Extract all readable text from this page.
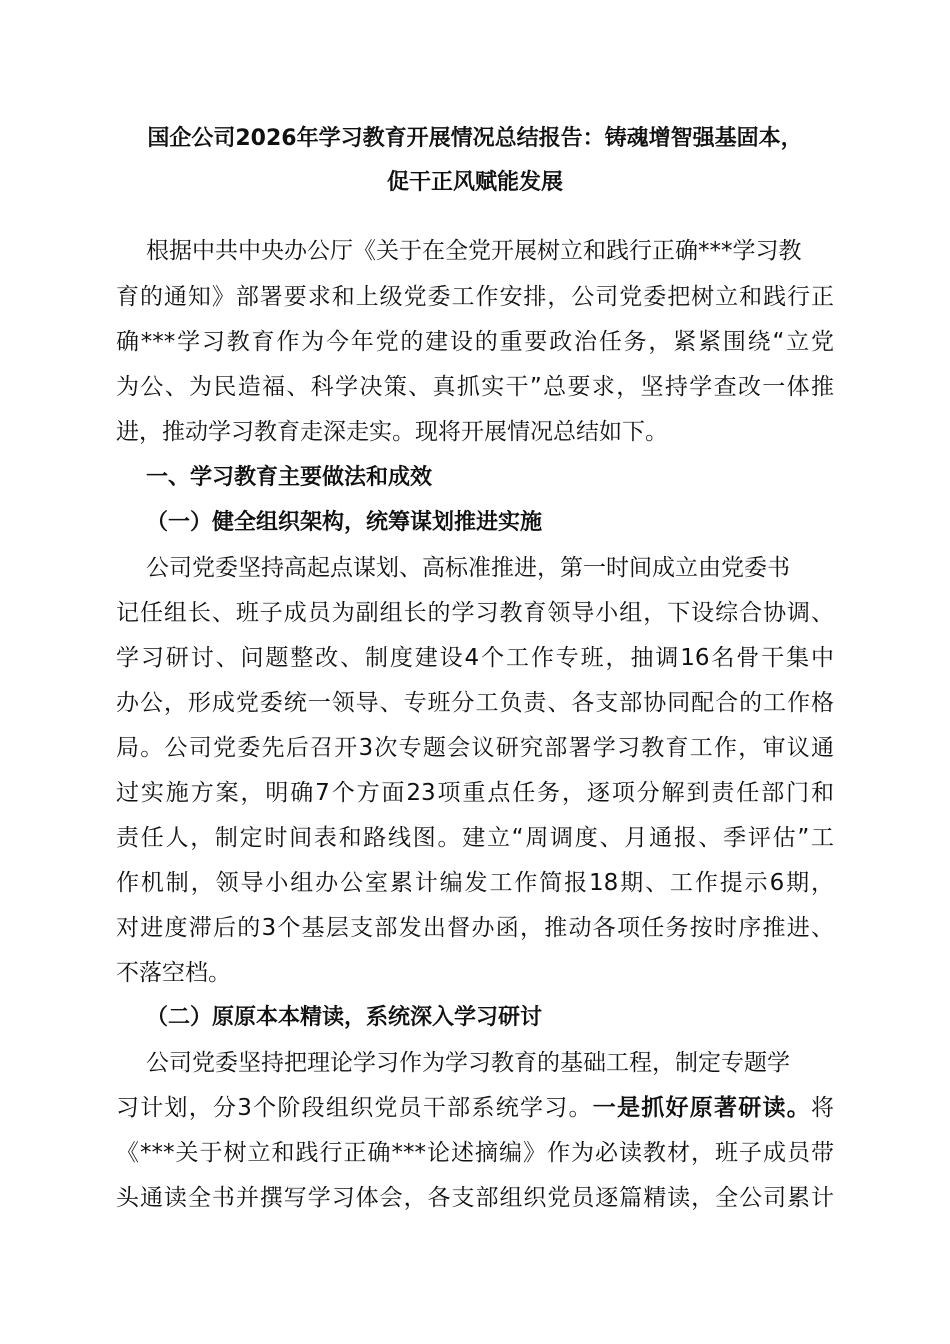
国企公司2026年学习教育开展情况总结报告：铸魂增智强基固本，
促干正风赋能发展
根据中共中央办公厅《关于在全党开展树立和践行正确***学习教
育的通知》部署要求和上级党委工作安排，公司党委把树立和践行正
确***学习教育作为今年党的建设的重要政治任务，紧紧围绕“立党
为公、为民造福、科学决策、真抓实干”总要求，坚持学查改一体推
进，推动学习教育走深走实。现将开展情况总结如下。
一、学习教育主要做法和成效
（一）健全组织架构，统筹谋划推进实施
公司党委坚持高起点谋划、高标准推进，第一时间成立由党委书
记任组长、班子成员为副组长的学习教育领导小组，下设综合协调、
学习研讨、问题整改、制度建设4个工作专班，抽调16名骨干集中
办公，形成党委统一领导、专班分工负责、各支部协同配合的工作格
局。公司党委先后召开3次专题会议研究部署学习教育工作，审议通
过实施方案，明确7个方面23项重点任务，逐项分解到责任部门和
责任人，制定时间表和路线图。建立“周调度、月通报、季评估”工
作机制，领导小组办公室累计编发工作简报18期、工作提示6期，
对进度滞后的3个基层支部发出督办函，推动各项任务按时序推进、
不落空档。
（二）原原本本精读，系统深入学习研讨
公司党委坚持把理论学习作为学习教育的基础工程，制定专题学
习计划，分3个阶段组织党员干部系统学习。一是抓好原著研读。将
《***关于树立和践行正确***论述摘编》作为必读教材，班子成员带
头通读全书并撰写学习体会，各支部组织党员逐篇精读，全公司累计
